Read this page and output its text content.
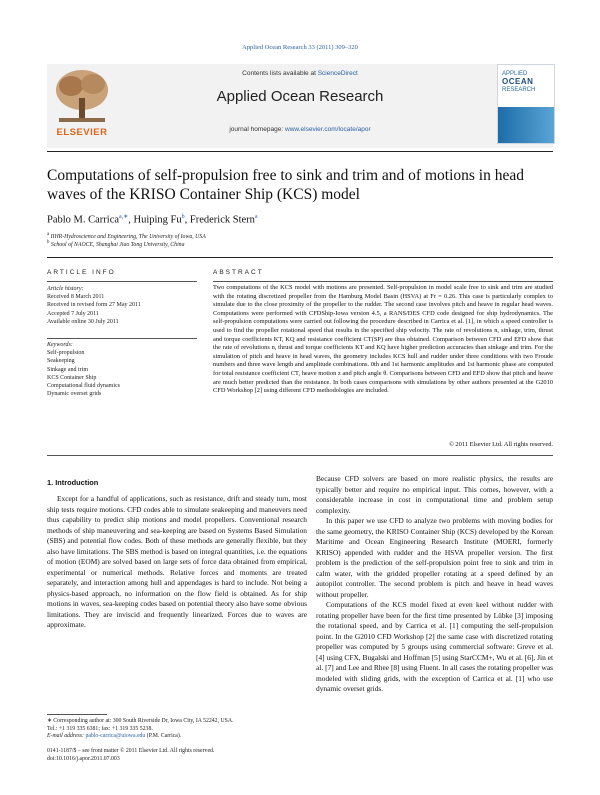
Applied Ocean Research 33 (2011) 309–320
ELSEVIER
Contents lists available at ScienceDirect
Applied Ocean Research
journal homepage: www.elsevier.com/locate/apor
APPLIED
OCEAN
RESEARCH
Computations of self-propulsion free to sink and trim and of motions in head waves of the KRISO Container Ship (KCS) model
Pablo M. Carrica$^{a,∗}$, Huiping Fu$^b$, Frederick Stern$^a$
$^a$ IIHR-Hydroscience and Engineering, The University of Iowa, USA
$^b$ School of NAOCE, Shanghai Jiao Tong University, China
ARTICLE INFO
Article history:
Received 8 March 2011
Received in revised form 27 May 2011
Accepted 7 July 2011
Available online 30 July 2011
Keywords:
Self-propulsion
Seakeeping
Sinkage and trim
KCS Container Ship
Computational fluid dynamics
Dynamic overset grids
ABSTRACT
Two computations of the KCS model with motions are presented. Self-propulsion in model scale free to sink and trim are studied with the rotating discretized propeller from the Hamburg Model Basin (HSVA) at Fr = 0.26. This case is particularly complex to simulate due to the close proximity of the propeller to the rudder. The second case involves pitch and heave in regular head waves. Computations were performed with CFDShip-Iowa version 4.5, a RANS/DES CFD code designed for ship hydrodynamics. The self-propulsion computations were carried out following the procedure described in Carrica et al. [1], in which a speed controller is used to find the propeller rotational speed that results in the specified ship velocity. The rate of revolutions n, sinkage, trim, thrust and torque coefficients KT, KQ and resistance coefficient CT(SP) are thus obtained. Comparison between CFD and EFD show that the rate of revolutions n, thrust and torque coefficients KT and KQ have higher prediction accuracies than sinkage and trim. For the simulation of pitch and heave in head waves, the geometry includes KCS hull and rudder under three conditions with two Froude numbers and three wave length and amplitude combinations. 0th and 1st harmonic amplitudes and 1st harmonic phase are computed for total resistance coefficient CT, heave motion z and pitch angle θ. Comparisons between CFD and EFD show that pitch and heave are much better predicted than the resistance. In both cases comparisons with simulations by other authors presented at the G2010 CFD Workshop [2] using different CFD methodologies are included.
© 2011 Elsevier Ltd. All rights reserved.
1. Introduction

Except for a handful of applications, such as resistance, drift and steady turn, most ship tests require motions. CFD codes able to simulate seakeeping and maneuvers need thus capability to predict ship motions and model propellers. Conventional research methods of ship maneuvering and sea-keeping are based on Systems Based Simulation (SBS) and potential flow codes. Both of these methods are generally flexible, but they also have limitations. The SBS method is based on integral quantities, i.e. the equations of motion (EOM) are solved based on large sets of force data obtained from empirical, experimental or numerical methods. Relative forces and moments are treated separately, and interaction among hull and appendages is hard to include. Not being a physics-based approach, no information on the flow field is obtained. As for ship motions in waves, sea-keeping codes based on potential theory also have some obvious limitations. They are inviscid and frequently linearized. Forces due to waves are approximate.

Because CFD solvers are based on more realistic physics, the results are typically better and require no empirical input. This comes, however, with a considerable increase in cost in computational time and problem setup complexity.

In this paper we use CFD to analyze two problems with moving bodies for the same geometry, the KRISO Container Ship (KCS) developed by the Korean Maritime and Ocean Engineering Research Institute (MOERI, formerly KRISO) appended with rudder and the HSVA propeller version. The first problem is the prediction of the self-propulsion point free to sink and trim in calm water, with the gridded propeller rotating at a speed defined by an autopilot controller. The second problem is pitch and heave in head waves without propeller.

Computations of the KCS model fixed at even keel without rudder with rotating propeller have been for the first time presented by Lübke [3] imposing the rotational speed, and by Carrica et al. [1] computing the self-propulsion point. In the G2010 CFD Workshop [2] the same case with discretized rotating propeller was computed by 5 groups using commercial software: Greve et al. [4] using CFX, Bugalski and Hoffman [5] using StarCCM+, Wu et al. [6], Jin et al. [7] and Lee and Rhee [8] using Fluent. In all cases the rotating propeller was modeled with sliding grids, with the exception of Carrica et al. [1] who use dynamic overset grids.

∗ Corresponding author at: 300 South Riverside Dr, Iowa City, IA 52242, USA.
Tel.: +1 319 335 6381; fax: +1 319 335 5238.
E-mail address: pablo-carrica@uiowa.edu (P.M. Carrica).
0141-1187/$ – see front matter © 2011 Elsevier Ltd. All rights reserved.
doi:10.1016/j.apor.2011.07.003
